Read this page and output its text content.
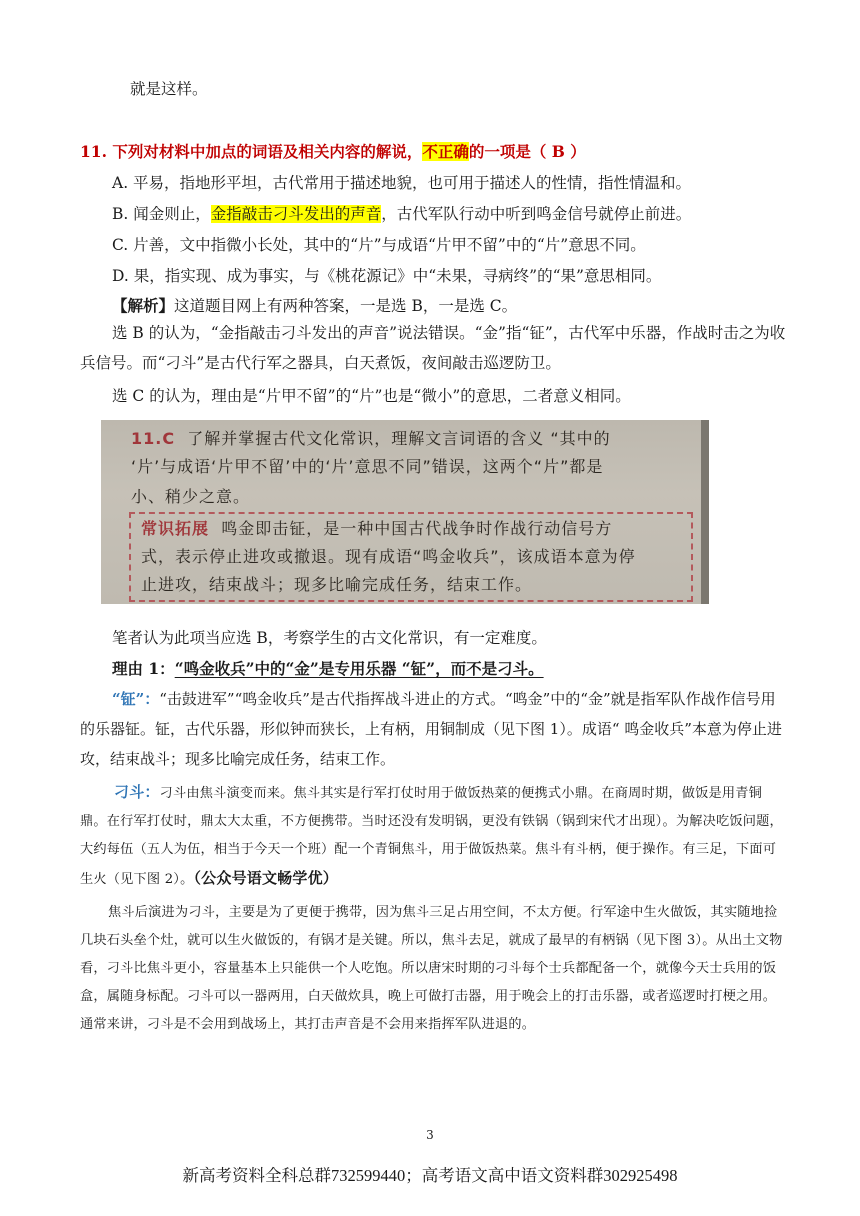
就是这样。
11. 下列对材料中加点的词语及相关内容的解说，不正确的一项是（ B ）
A. 平易，指地形平坦，古代常用于描述地貌，也可用于描述人的性情，指性情温和。
B. 闻金则止，金指敲击刁斗发出的声音，古代军队行动中听到鸣金信号就停止前进。
C. 片善，文中指微小长处，其中的“片”与成语“片甲不留”中的“片”意思不同。
D. 果，指实现、成为事实，与《桃花源记》中“未果，寻病终”的“果”意思相同。
【解析】这道题目网上有两种答案，一是选 B，一是选 C。
选 B 的认为，“金指敲击刁斗发出的声音”说法错误。“金”指“钲”，古代军中乐器，作战时击之为收兵信号。而“刁斗”是古代行军之器具，白天煮饭，夜间敲击巡逻防卫。
选 C 的认为，理由是“片甲不留”的“片”也是“微小”的意思，二者意义相同。
11.C 了解并掌握古代文化常识，理解文言词语的含义 “其中的
‘片’与成语‘片甲不留’中的‘片’意思不同”错误，这两个“片”都是
小、稍少之意。
常识拓展 鸣金即击钲，是一种中国古代战争时作战行动信号方
式，表示停止进攻或撤退。现有成语“鸣金收兵”，该成语本意为停
止进攻，结束战斗；现多比喻完成任务，结束工作。
笔者认为此项当应选 B，考察学生的古文化常识，有一定难度。
理由 1：“鸣金收兵”中的“金”是专用乐器 “钲”，而不是刁斗。
“钲”：“击鼓进军”“鸣金收兵”是古代指挥战斗进止的方式。“鸣金”中的“金”就是指军队作战作信号用的乐器钲。钲，古代乐器，形似钟而狭长，上有柄，用铜制成（见下图 1）。成语“ 鸣金收兵”本意为停止进攻，结束战斗；现多比喻完成任务，结束工作。
刁斗：刁斗由焦斗演变而来。焦斗其实是行军打仗时用于做饭热菜的便携式小鼎。在商周时期，做饭是用青铜鼎。在行军打仗时，鼎太大太重，不方便携带。当时还没有发明锅，更没有铁锅（锅到宋代才出现）。为解决吃饭问题，大约每伍（五人为伍，相当于今天一个班）配一个青铜焦斗，用于做饭热菜。焦斗有斗柄，便于操作。有三足，下面可生火（见下图 2）。（公众号语文畅学优）
焦斗后演进为刁斗，主要是为了更便于携带，因为焦斗三足占用空间，不太方便。行军途中生火做饭，其实随地捡几块石头垒个灶，就可以生火做饭的，有锅才是关键。所以，焦斗去足，就成了最早的有柄锅（见下图 3）。从出土文物看，刁斗比焦斗更小，容量基本上只能供一个人吃饱。所以唐宋时期的刁斗每个士兵都配备一个，就像今天士兵用的饭盒，属随身标配。刁斗可以一器两用，白天做炊具，晚上可做打击器，用于晚会上的打击乐器，或者巡逻时打梗之用。通常来讲，刁斗是不会用到战场上，其打击声音是不会用来指挥军队进退的。
3
新高考资料全科总群732599440；高考语文高中语文资料群302925498
